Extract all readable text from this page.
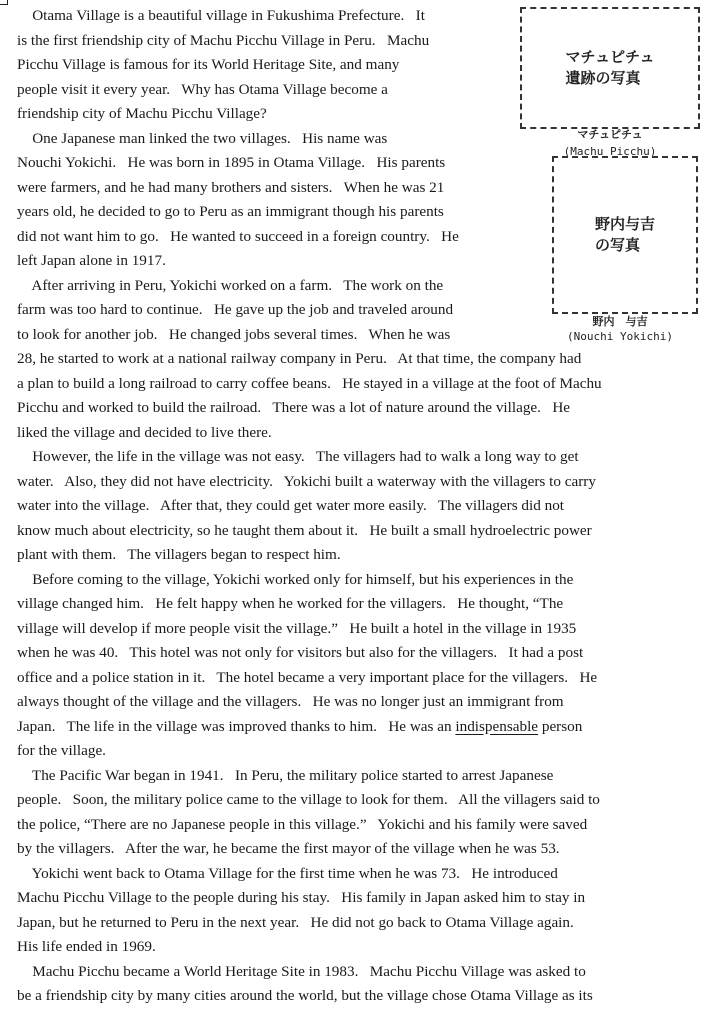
Otama Village is a beautiful village in Fukushima Prefecture.   It
is the first friendship city of Machu Picchu Village in Peru.   Machu
Picchu Village is famous for its World Heritage Site, and many
people visit it every year.   Why has Otama Village become a
friendship city of Machu Picchu Village?
One Japanese man linked the two villages.   His name was
Nouchi Yokichi.   He was born in 1895 in Otama Village.   His parents
were farmers, and he had many brothers and sisters.   When he was 21
years old, he decided to go to Peru as an immigrant though his parents
did not want him to go.   He wanted to succeed in a foreign country.   He
left Japan alone in 1917.
After arriving in Peru, Yokichi worked on a farm.   The work on the
farm was too hard to continue.   He gave up the job and traveled around
to look for another job.   He changed jobs several times.   When he was
28, he started to work at a national railway company in Peru.   At that time, the company had
a plan to build a long railroad to carry coffee beans.   He stayed in a village at the foot of Machu
Picchu and worked to build the railroad.   There was a lot of nature around the village.   He
liked the village and decided to live there.
However, the life in the village was not easy.   The villagers had to walk a long way to get
water.   Also, they did not have electricity.   Yokichi built a waterway with the villagers to carry
water into the village.   After that, they could get water more easily.   The villagers did not
know much about electricity, so he taught them about it.   He built a small hydroelectric power
plant with them.   The villagers began to respect him.
Before coming to the village, Yokichi worked only for himself, but his experiences in the
village changed him.   He felt happy when he worked for the villagers.   He thought, “The
village will develop if more people visit the village.”   He built a hotel in the village in 1935
when he was 40.   This hotel was not only for visitors but also for the villagers.   It had a post
office and a police station in it.   The hotel became a very important place for the villagers.   He
always thought of the village and the villagers.   He was no longer just an immigrant from
Japan.   The life in the village was improved thanks to him.   He was an indispensable person
for the village.
The Pacific War began in 1941.   In Peru, the military police started to arrest Japanese
people.   Soon, the military police came to the village to look for them.   All the villagers said to
the police, “There are no Japanese people in this village.”   Yokichi and his family were saved
by the villagers.   After the war, he became the first mayor of the village when he was 53.
Yokichi went back to Otama Village for the first time when he was 73.   He introduced
Machu Picchu Village to the people during his stay.   His family in Japan asked him to stay in
Japan, but he returned to Peru in the next year.   He did not go back to Otama Village again.
His life ended in 1969.
Machu Picchu became a World Heritage Site in 1983.   Machu Picchu Village was asked to
be a friendship city by many cities around the world, but the village chose Otama Village as its
マチュピチュ
遺跡の写真
マチュピチュ
(Machu Picchu)
野内与吉
の写真
野内　与吉
(Nouchi Yokichi)
